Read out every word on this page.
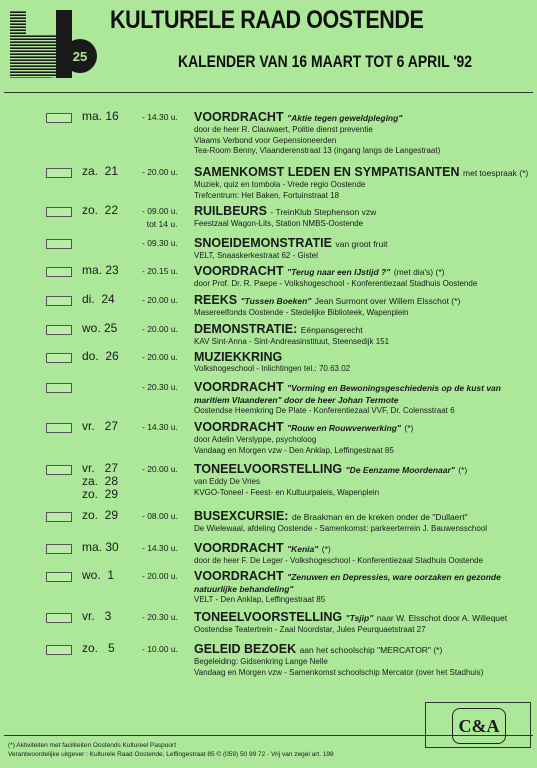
25
KULTURELE RAAD OOSTENDE
KALENDER VAN 16 MAART TOT 6 APRIL '92
ma. 16	- 14.30 u. VOORDRACHT "Aktie tegen geweldpleging"
door de heer R. Clauwaert, Politie dienst preventie
Vlaams Verbond voor Gepensioneerden
Tea-Room Benny, Vlaanderenstraat 13 (ingang langs de Langestraat)
za.  21	- 20.00 u. SAMENKOMST LEDEN EN SYMPATISANTEN met toespraak (*)
Muziek, quiz en tombola - Vrede regio Oostende
Trefcentrum: Het Baken, Fortuinstraat 18
zo.  22	- 09.00 u.
tot 14 u.
RUILBEURS - TreinKlub Stephenson vzw
Feestzaal Wagon-Lits, Station NMBS-Oostende
- 09.30 u. SNOEIDEMONSTRATIE van groot fruit
VELT, Snaaskerkestraat 62 - Gistel
ma. 23	- 20.15 u. VOORDRACHT "Terug naar een IJstijd ?" (met dia's) (*)
door Prof. Dr. R. Paepe - Volkshogeschool - Konferentiezaal Stadhuis Oostende
di.  24	- 20.00 u. REEKS "Tussen Boeken" Jean Surmont over Willem Elsschot (*)
Masereelfonds Oostende - Stedelijke Biblioteek, Wapenplein
wo. 25	- 20.00 u. DEMONSTRATIE: Eénpansgerecht
KAV Sint-Anna - Sint-Andreasinstituut, Steensedijk 151
do.  26	- 20.00 u. MUZIEKKRING
Volkshogeschool - Inlichtingen tel.: 70.63.02
- 20.30 u. VOORDRACHT "Vorming en Bewoningsgeschiedenis op de kust van
maritiem Vlaanderen" door de heer Johan Termote
Oostendse Heemkring De Plate - Konferentiezaal VVF, Dr. Colensstraat 6
vr.   27	- 14.30 u. VOORDRACHT "Rouw en Rouwverwerking" (*)
door Adelin Verslyppe, psycholoog
Vandaag en Morgen vzw - Den Anklap, Leffingestraat 85
vr.   27
za.  28
zo.  29
- 20.00 u. TONEELVOORSTELLING "De Eenzame Moordenaar" (*)
van Eddy De Vries
KVGO-Toneel - Feest- en Kultuurpaleis, Wapenplein
zo.  29	- 08.00 u. BUSEXCURSIE: de Braakman en de kreken onder de "Dullaert"
De Wielewaal, afdeling Oostende - Samenkomst: parkeerterrein J. Bauwensschool
ma. 30	- 14.30 u. VOORDRACHT "Kenia" (*)
door de heer F. De Leger - Volkshogeschool - Konferentiezaal Stadhuis Oostende
wo.  1	- 20.00 u. VOORDRACHT "Zenuwen en Depressies, ware oorzaken en gezonde
natuurlijke behandeling"
VELT - Den Anklap, Leffingestraat 85
vr.   3	- 20.30 u. TONEELVOORSTELLING "Tsjip" naar W. Elsschot door A. Willequet
Oostendse Teatertrein - Zaal Noordstar, Jules Peurquaetstraat 27
zo.   5	- 10.00 u. GELEID BEZOEK aan het schoolschip "MERCATOR" (*)
Begeleiding: Gidsenkring Lange Nelle
Vandaag en Morgen vzw - Samenkomst schoolschip Mercator (over het Stadhuis)
C&A
(*) Aktiviteiten met faciliteiten Oostends Kultureel Paspoort
Verantwoordelijke uitgever : Kulturele Raad Oostende, Leffingestraat 85 © (059) 50 99 72 - Vrij van zegel art. 198
